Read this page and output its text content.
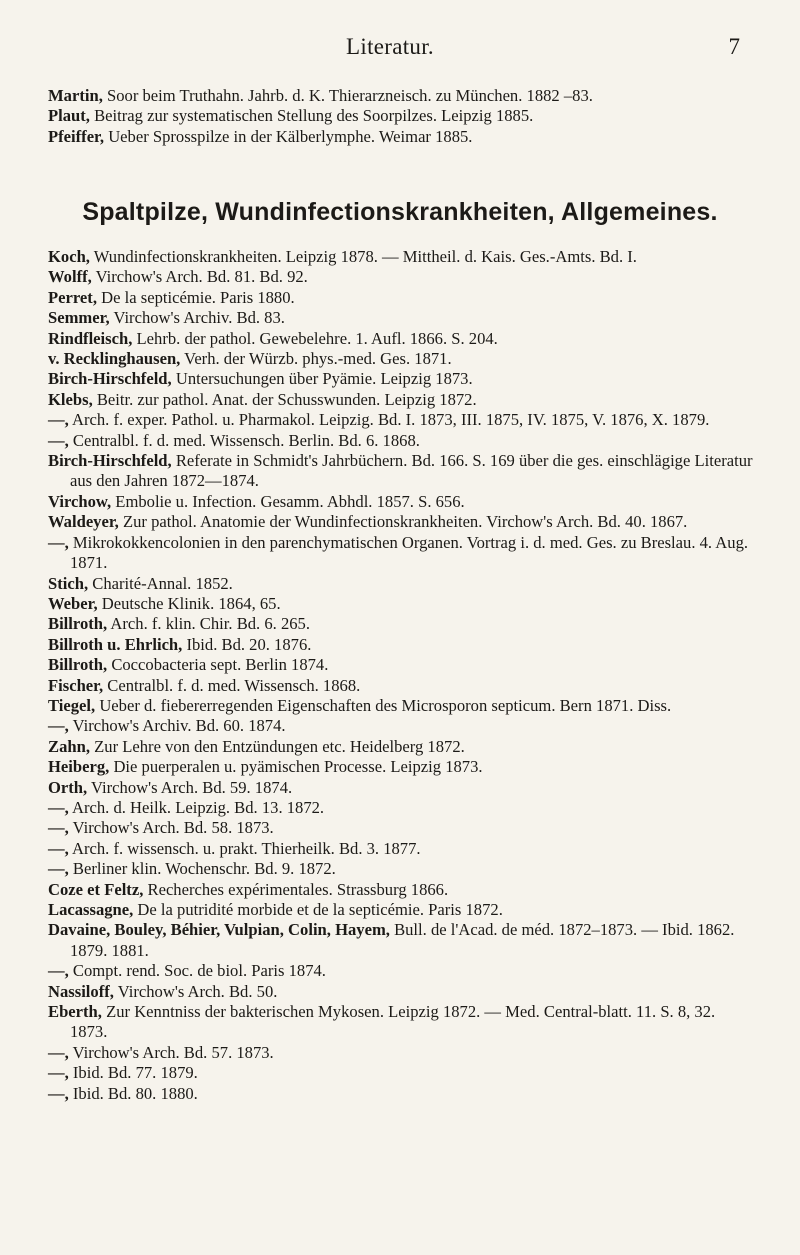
Literatur.	7

Martin, Soor beim Truthahn. Jahrb. d. K. Thierarzneisch. zu München. 1882 –83.

Plaut, Beitrag zur systematischen Stellung des Soorpilzes. Leipzig 1885.

Pfeiffer, Ueber Sprosspilze in der Kälberlymphe. Weimar 1885.

Spaltpilze, Wundinfectionskrankheiten, Allgemeines.

Koch, Wundinfectionskrankheiten. Leipzig 1878. — Mittheil. d. Kais. Ges.-Amts. Bd. I.

Wolff, Virchow's Arch. Bd. 81. Bd. 92.

Perret, De la septicémie. Paris 1880.

Semmer, Virchow's Archiv. Bd. 83.

Rindfleisch, Lehrb. der pathol. Gewebelehre. 1. Aufl. 1866. S. 204.

v. Recklinghausen, Verh. der Würzb. phys.-med. Ges. 1871.

Birch-Hirschfeld, Untersuchungen über Pyämie. Leipzig 1873.

Klebs, Beitr. zur pathol. Anat. der Schusswunden. Leipzig 1872.

—, Arch. f. exper. Pathol. u. Pharmakol. Leipzig. Bd. I. 1873, III. 1875, IV. 1875, V. 1876, X. 1879.

—, Centralbl. f. d. med. Wissensch. Berlin. Bd. 6. 1868.

Birch-Hirschfeld, Referate in Schmidt's Jahrbüchern. Bd. 166. S. 169 über die ges. einschlägige Literatur aus den Jahren 1872—1874.

Virchow, Embolie u. Infection. Gesamm. Abhdl. 1857. S. 656.

Waldeyer, Zur pathol. Anatomie der Wundinfectionskrankheiten. Virchow's Arch. Bd. 40. 1867.

—, Mikrokokkencolonien in den parenchymatischen Organen. Vortrag i. d. med. Ges. zu Breslau. 4. Aug. 1871.

Stich, Charité-Annal. 1852.

Weber, Deutsche Klinik. 1864, 65.

Billroth, Arch. f. klin. Chir. Bd. 6. 265.

Billroth u. Ehrlich, Ibid. Bd. 20. 1876.

Billroth, Coccobacteria sept. Berlin 1874.

Fischer, Centralbl. f. d. med. Wissensch. 1868.

Tiegel, Ueber d. fiebererregenden Eigenschaften des Microsporon septicum. Bern 1871. Diss.

—, Virchow's Archiv. Bd. 60. 1874.

Zahn, Zur Lehre von den Entzündungen etc. Heidelberg 1872.

Heiberg, Die puerperalen u. pyämischen Processe. Leipzig 1873.

Orth, Virchow's Arch. Bd. 59. 1874.

—, Arch. d. Heilk. Leipzig. Bd. 13. 1872.

—, Virchow's Arch. Bd. 58. 1873.

—, Arch. f. wissensch. u. prakt. Thierheilk. Bd. 3. 1877.

—, Berliner klin. Wochenschr. Bd. 9. 1872.

Coze et Feltz, Recherches expérimentales. Strassburg 1866.

Lacassagne, De la putridité morbide et de la septicémie. Paris 1872.

Davaine, Bouley, Béhier, Vulpian, Colin, Hayem, Bull. de l'Acad. de méd. 1872–1873. — Ibid. 1862. 1879. 1881.

—, Compt. rend. Soc. de biol. Paris 1874.

Nassiloff, Virchow's Arch. Bd. 50.

Eberth, Zur Kenntniss der bakterischen Mykosen. Leipzig 1872. — Med. Central-blatt. 11. S. 8, 32. 1873.

—, Virchow's Arch. Bd. 57. 1873.

—, Ibid. Bd. 77. 1879.

—, Ibid. Bd. 80. 1880.
